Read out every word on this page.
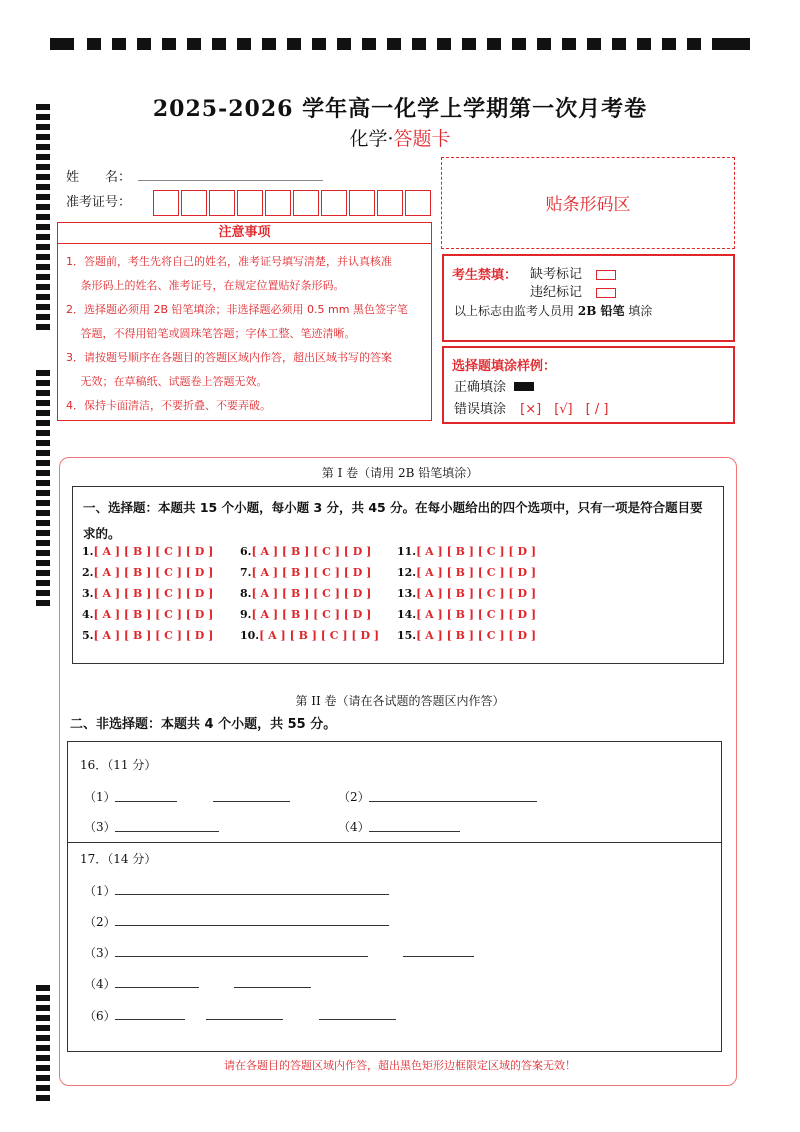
2025-2026 学年高一化学上学期第一次月考卷
化学·答题卡
姓　　名：
准考证号：	贴条形码区
注意事项
1．答题前，考生先将自己的姓名，准考证号填写清楚，并认真核准
　 条形码上的姓名、准考证号，在规定位置贴好条形码。
2．选择题必须用 2B 铅笔填涂；非选择题必须用 0.5 mm 黑色签字笔
　 答题，不得用铅笔或圆珠笔答题；字体工整、笔迹清晰。
3．请按题号顺序在各题目的答题区域内作答，超出区域书写的答案
　 无效；在草稿纸、试题卷上答题无效。
4．保持卡面清洁，不要折叠、不要弄破。
考生禁填： 缺考标记
违纪标记
以上标志由监考人员用 2B 铅笔 填涂
选择题填涂样例：
正确填涂
错误填涂 [×]　[√]　[ / ]
第 I 卷（请用 2B 铅笔填涂）
一、选择题：本题共 15 个小题，每小题 3 分，共 45 分。在每小题给出的四个选项中，只有一项是符合题目要求的。
1.[ A ] [ B ] [ C ] [ D ]
2.[ A ] [ B ] [ C ] [ D ]
3.[ A ] [ B ] [ C ] [ D ]
4.[ A ] [ B ] [ C ] [ D ]
5.[ A ] [ B ] [ C ] [ D ]
6.[ A ] [ B ] [ C ] [ D ]
7.[ A ] [ B ] [ C ] [ D ]
8.[ A ] [ B ] [ C ] [ D ]
9.[ A ] [ B ] [ C ] [ D ]
10.[ A ] [ B ] [ C ] [ D ]
11.[ A ] [ B ] [ C ] [ D ]
12.[ A ] [ B ] [ C ] [ D ]
13.[ A ] [ B ] [ C ] [ D ]
14.[ A ] [ B ] [ C ] [ D ]
15.[ A ] [ B ] [ C ] [ D ]
第 II 卷（请在各试题的答题区内作答）
二、非选择题：本题共 4 个小题，共 55 分。
16．（11 分）
（1）	（2）
（3）	（4）
17．（14 分）
（1）
（2）
（3）
（4）
（6）
请在各题目的答题区域内作答，超出黑色矩形边框限定区域的答案无效！
